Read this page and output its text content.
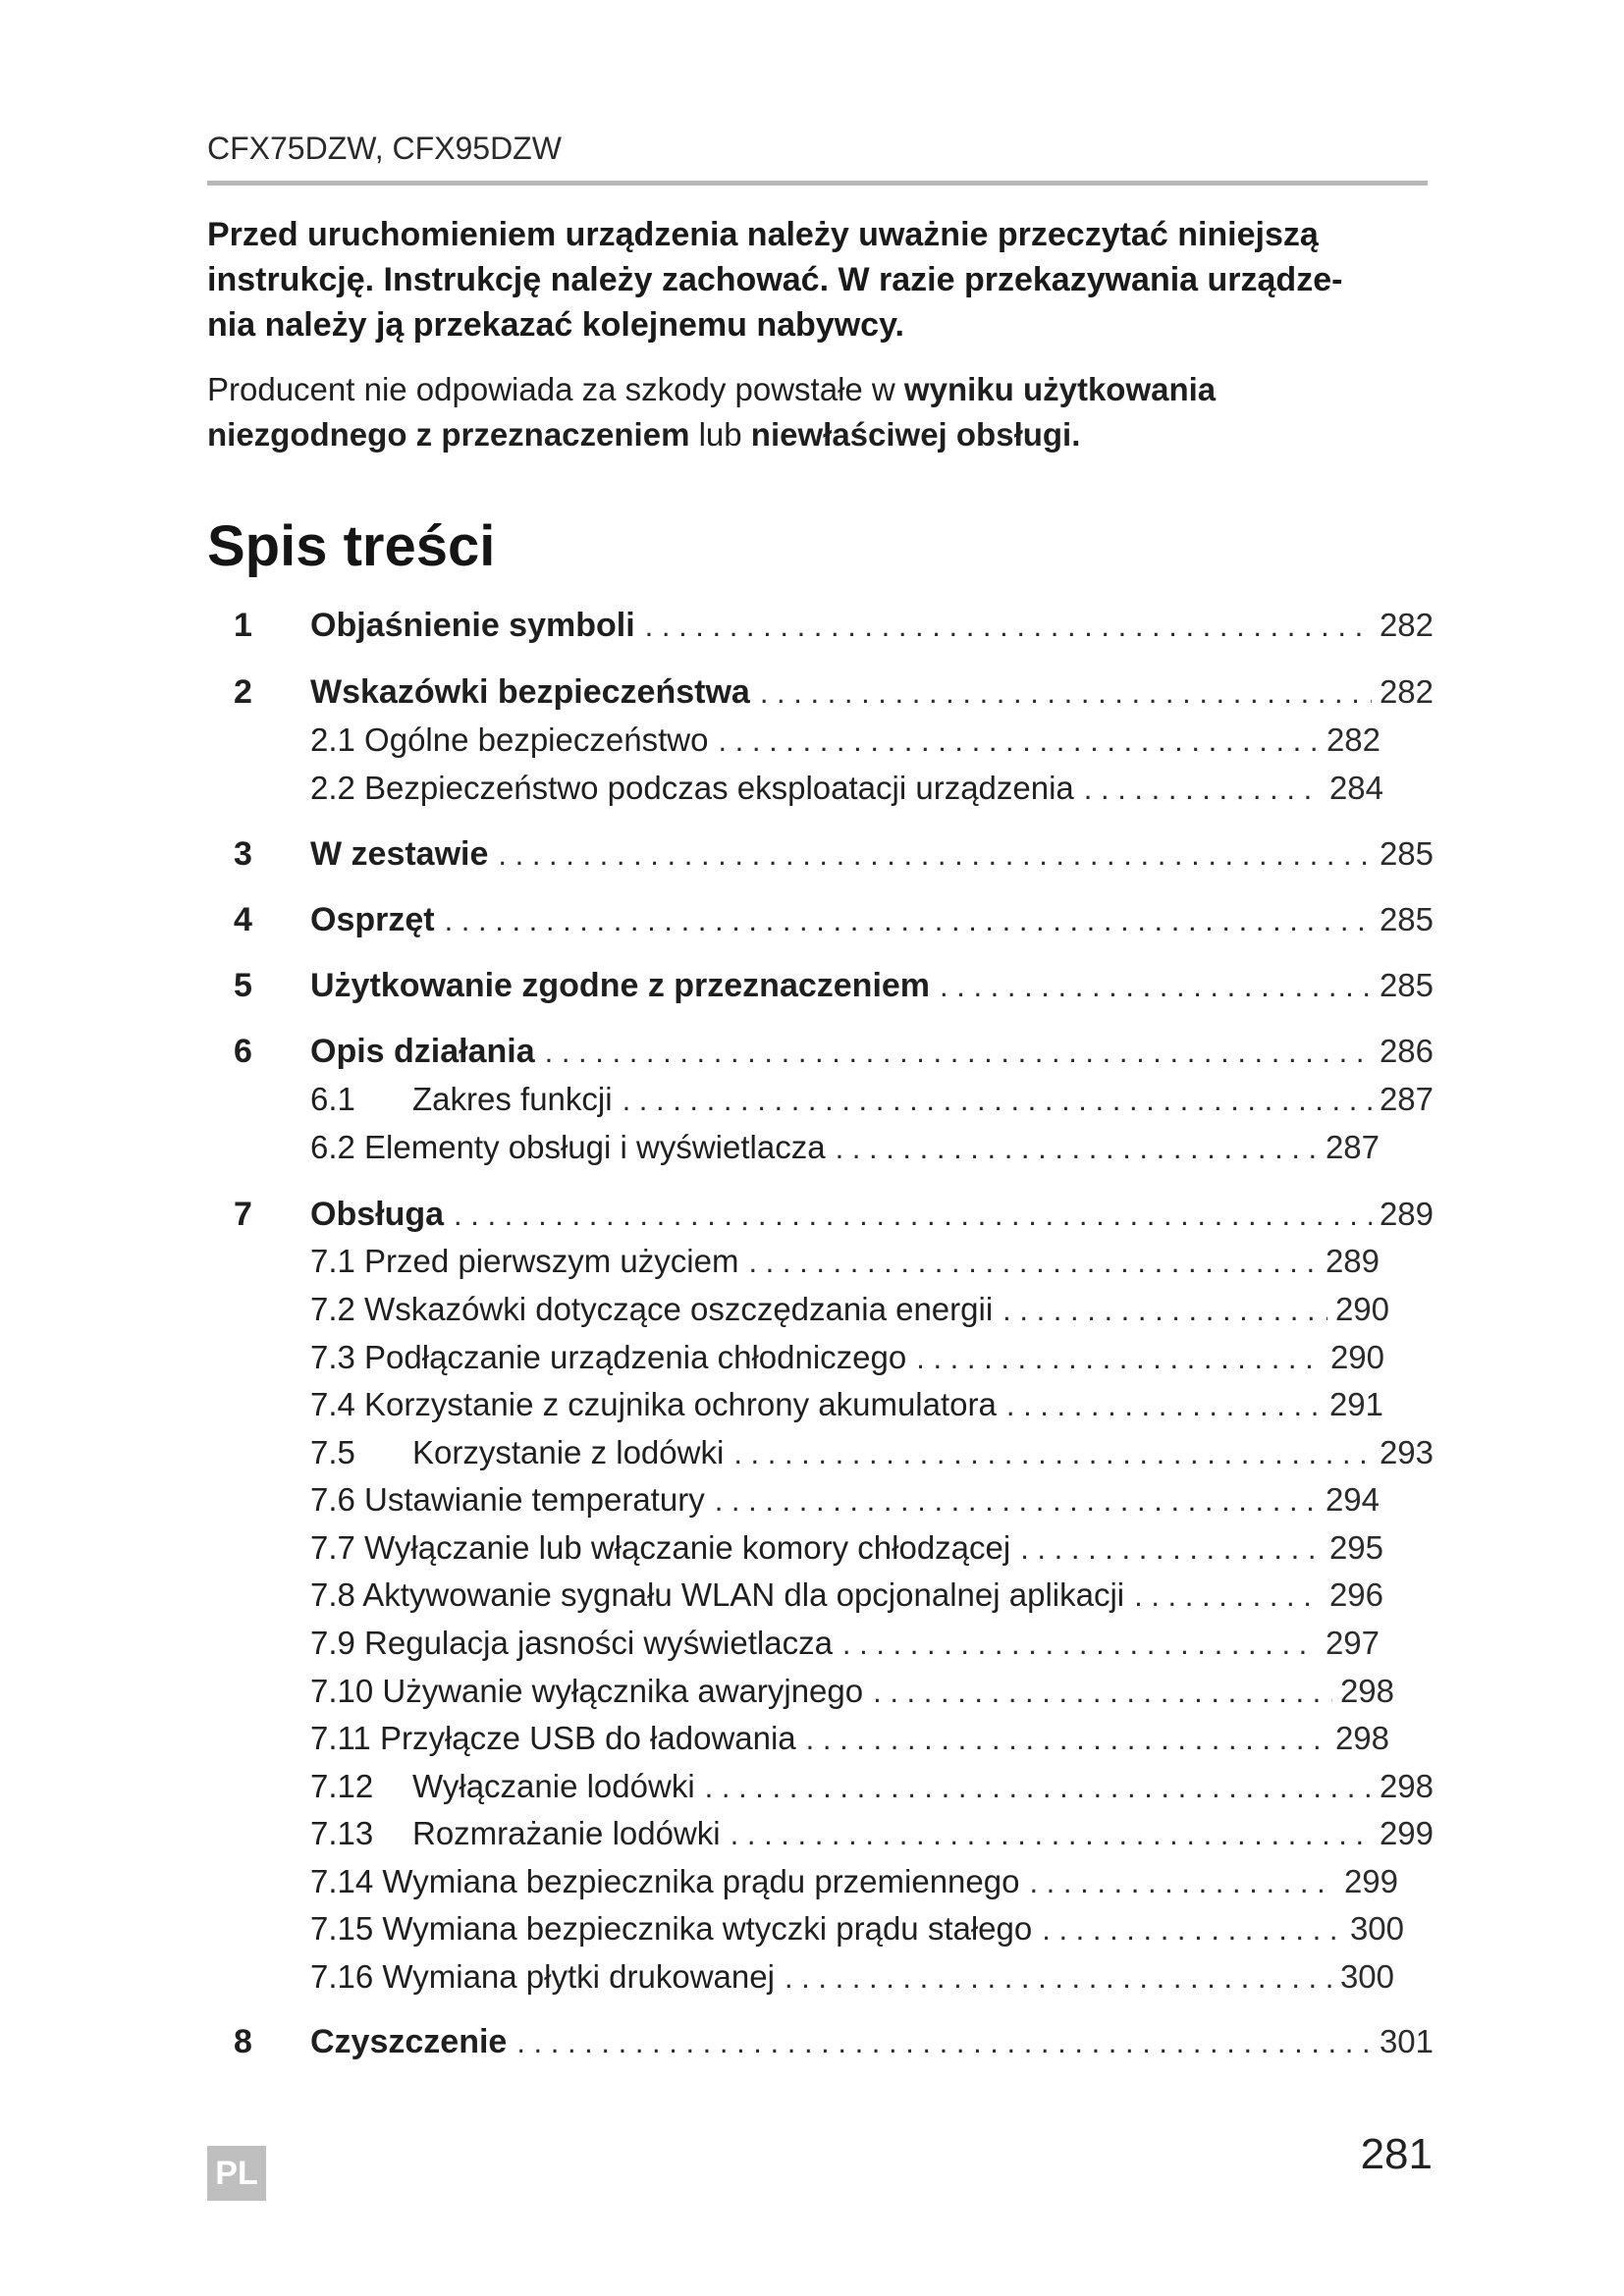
CFX75DZW, CFX95DZW
Przed uruchomieniem urządzenia należy uważnie przeczytać niniejszą
instrukcję. Instrukcję należy zachować. W razie przekazywania urządze-
nia należy ją przekazać kolejnemu nabywcy.
Producent nie odpowiada za szkody powstałe w wyniku użytkowania
niezgodnego z przeznaczeniem lub niewłaściwej obsługi.
Spis treści
1	Objaśnienie symboli .....	282
2	Wskazówki bezpieczeństwa .....	282
2.1 Ogólne bezpieczeństwo .....	282
2.2 Bezpieczeństwo podczas eksploatacji urządzenia .....	284
3	W zestawie .....	285
4	Osprzęt .....	285
5	Użytkowanie zgodne z przeznaczeniem .....	285
6	Opis działania .....	286
6.1	Zakres funkcji .....	287
6.2 Elementy obsługi i wyświetlacza .....	287
7	Obsługa .....	289
7.1 Przed pierwszym użyciem .....	289
7.2 Wskazówki dotyczące oszczędzania energii .....	290
7.3 Podłączanie urządzenia chłodniczego .....	290
7.4 Korzystanie z czujnika ochrony akumulatora .....	291
7.5	Korzystanie z lodówki .....	293
7.6 Ustawianie temperatury .....	294
7.7 Wyłączanie lub włączanie komory chłodzącej .....	295
7.8 Aktywowanie sygnału WLAN dla opcjonalnej aplikacji .....	296
7.9 Regulacja jasności wyświetlacza .....	297
7.10 Używanie wyłącznika awaryjnego .....	298
7.11 Przyłącze USB do ładowania .....	298
7.12	Wyłączanie lodówki .....	298
7.13	Rozmrażanie lodówki .....	299
7.14 Wymiana bezpiecznika prądu przemiennego .....	299
7.15 Wymiana bezpiecznika wtyczki prądu stałego .....	300
7.16 Wymiana płytki drukowanej .....	300
8	Czyszczenie .....	301
PL	281
